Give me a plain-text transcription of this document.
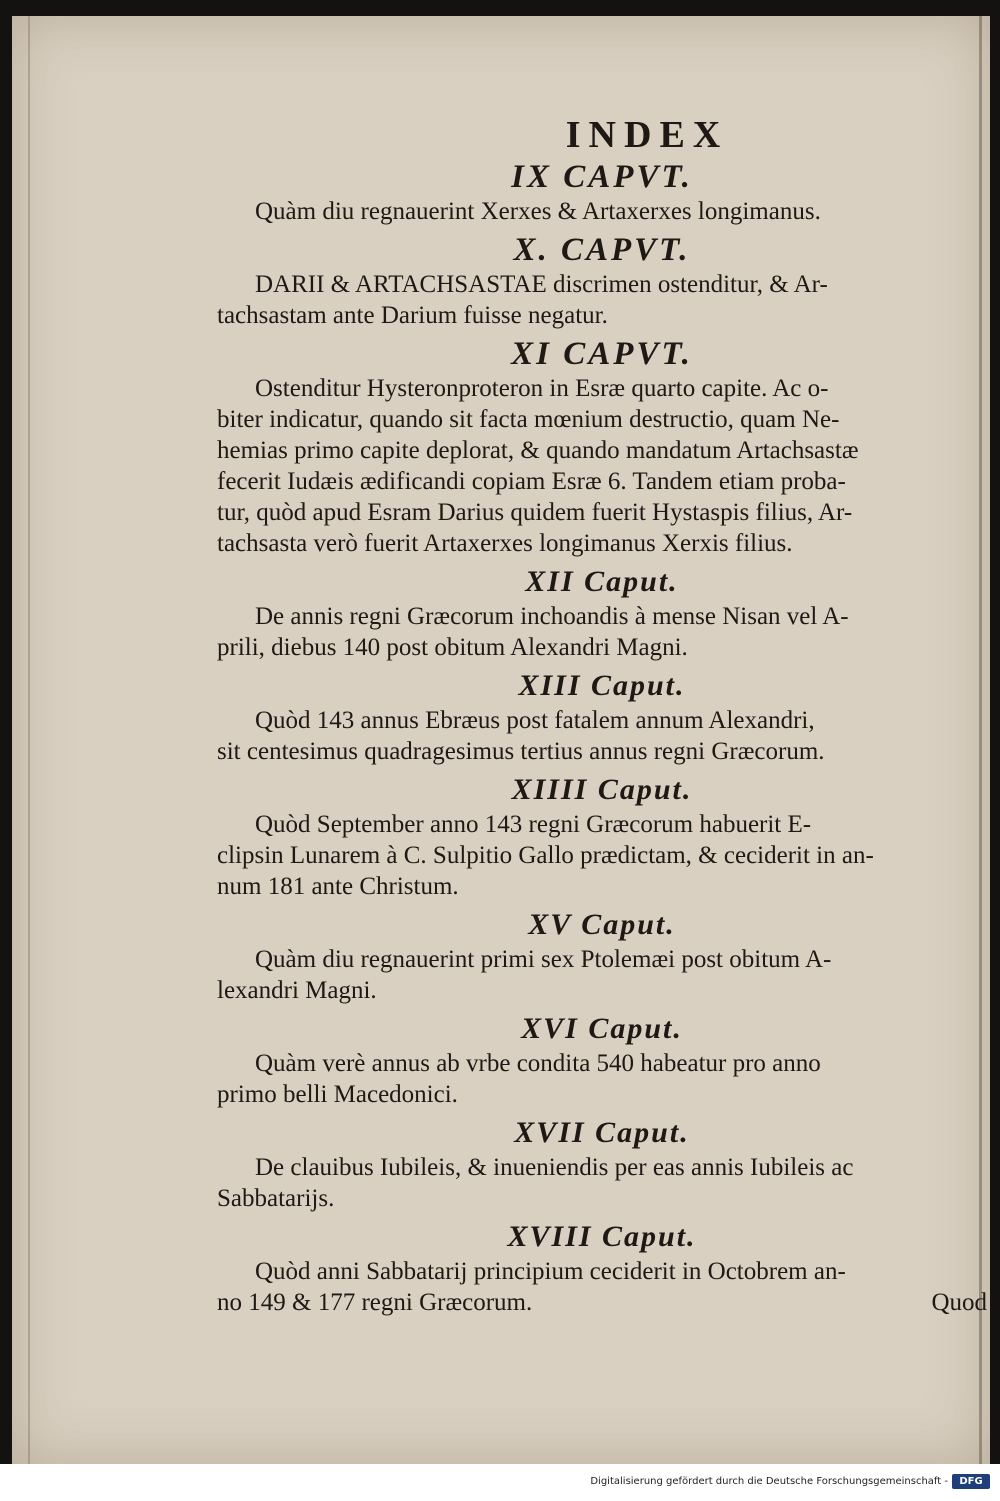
INDEX
IX CAPVT.
Quàm diu regnauerint Xerxes & Artaxerxes longimanus.
X. CAPVT.
DARII & ARTACHSASTAE discrimen ostenditur, & Ar-
tachsastam ante Darium fuisse negatur.
XI CAPVT.
Ostenditur Hysteronproteron in Esræ quarto capite. Ac o-
biter indicatur, quando sit facta mœnium destructio, quam Ne-
hemias primo capite deplorat, & quando mandatum Artachsastæ
fecerit Iudæis ædificandi copiam Esræ 6. Tandem etiam proba-
tur, quòd apud Esram Darius quidem fuerit Hystaspis filius, Ar-
tachsasta verò fuerit Artaxerxes longimanus Xerxis filius.
XII Caput.
De annis regni Græcorum inchoandis à mense Nisan vel A-
prili, diebus 140 post obitum Alexandri Magni.
XIII Caput.
Quòd 143 annus Ebræus post fatalem annum Alexandri,
sit centesimus quadragesimus tertius annus regni Græcorum.
XIIII Caput.
Quòd September anno 143 regni Græcorum habuerit E-
clipsin Lunarem à C. Sulpitio Gallo prædictam, & ceciderit in an-
num 181 ante Christum.
XV Caput.
Quàm diu regnauerint primi sex Ptolemæi post obitum A-
lexandri Magni.
XVI Caput.
Quàm verè annus ab vrbe condita 540 habeatur pro anno
primo belli Macedonici.
XVII Caput.
De clauibus Iubileis, & inueniendis per eas annis Iubileis ac
Sabbatarijs.
XVIII Caput.
Quòd anni Sabbatarij principium ceciderit in Octobrem an-
no 149 & 177 regni Græcorum.	Quod
Digitalisierung gefördert durch die Deutsche Forschungsgemeinschaft -	DFG
